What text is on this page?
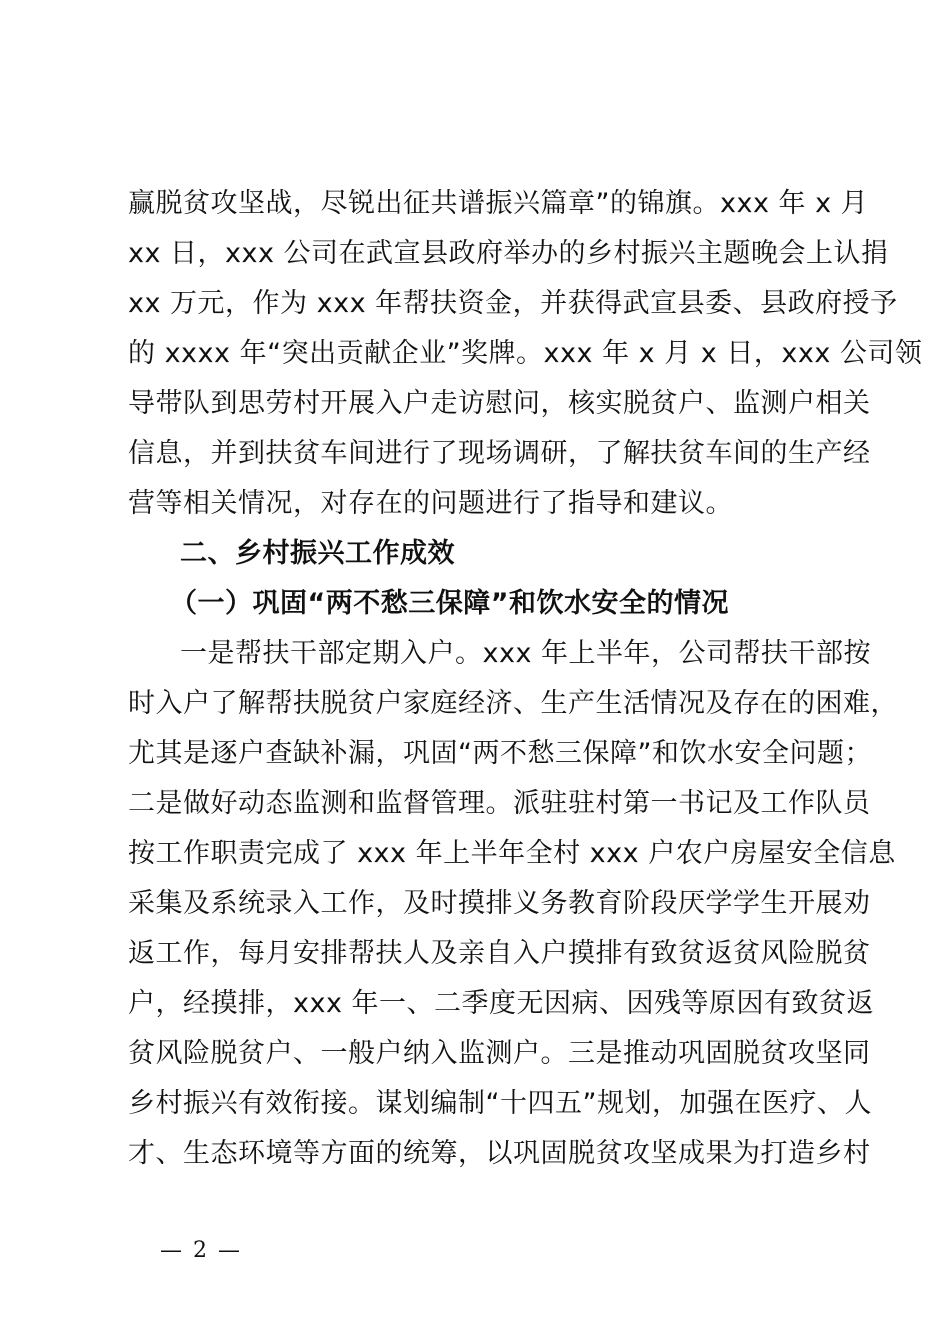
赢脱贫攻坚战，尽锐出征共谱振兴篇章”的锦旗。xxx 年 x 月
xx 日，xxx 公司在武宣县政府举办的乡村振兴主题晚会上认捐
xx 万元，作为 xxx 年帮扶资金，并获得武宣县委、县政府授予
的 xxxx 年“突出贡献企业”奖牌。xxx 年 x 月 x 日，xxx 公司领
导带队到思劳村开展入户走访慰问，核实脱贫户、监测户相关
信息，并到扶贫车间进行了现场调研，了解扶贫车间的生产经
营等相关情况，对存在的问题进行了指导和建议。
二、乡村振兴工作成效
（一）巩固“两不愁三保障”和饮水安全的情况
一是帮扶干部定期入户。xxx 年上半年，公司帮扶干部按
时入户了解帮扶脱贫户家庭经济、生产生活情况及存在的困难，
尤其是逐户查缺补漏，巩固“两不愁三保障”和饮水安全问题；
二是做好动态监测和监督管理。派驻驻村第一书记及工作队员
按工作职责完成了 xxx 年上半年全村 xxx 户农户房屋安全信息
采集及系统录入工作，及时摸排义务教育阶段厌学学生开展劝
返工作，每月安排帮扶人及亲自入户摸排有致贫返贫风险脱贫
户，经摸排，xxx 年一、二季度无因病、因残等原因有致贫返
贫风险脱贫户、一般户纳入监测户。三是推动巩固脱贫攻坚同
乡村振兴有效衔接。谋划编制“十四五”规划，加强在医疗、人
才、生态环境等方面的统筹，以巩固脱贫攻坚成果为打造乡村
— 2 —
